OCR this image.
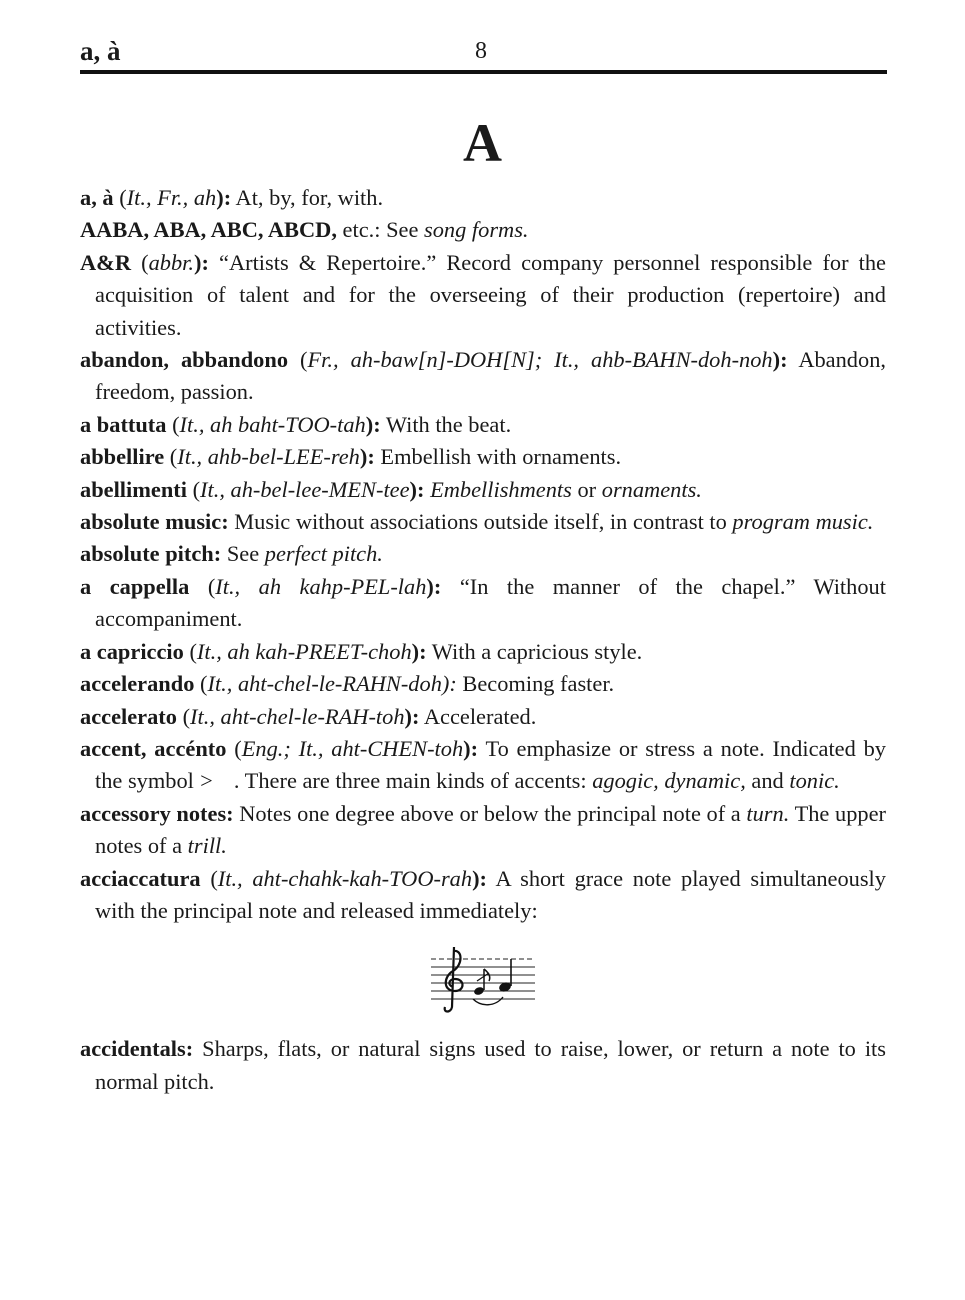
a, à	8
A

a, à (It., Fr., ah): At, by, for, with.

AABA, ABA, ABC, ABCD, etc.: See song forms.

A&R (abbr.): “Artists & Repertoire.” Record company personnel responsible for the acquisition of talent and for the overseeing of their production (repertoire) and activities.

abandon, abbandono (Fr., ah-baw[n]-DOH[N]; It., ahb-BAHN-doh-noh): Abandon, freedom, passion.

a battuta (It., ah baht-TOO-tah): With the beat.

abbellire (It., ahb-bel-LEE-reh): Embellish with ornaments.

abellimenti (It., ah-bel-lee-MEN-tee): Embellishments or ornaments.

absolute music: Music without associations outside itself, in contrast to program music.

absolute pitch: See perfect pitch.

a cappella (It., ah kahp-PEL-lah): “In the manner of the chapel.” Without accompaniment.

a capriccio (It., ah kah-PREET-choh): With a capricious style.

accelerando (It., aht-chel-le-RAHN-doh): Becoming faster.

accelerato (It., aht-chel-le-RAH-toh): Accelerated.

accent, accénto (Eng.; It., aht-CHEN-toh): To emphasize or stress a note. Indicated by the symbol > . There are three main kinds of accents: agogic, dynamic, and tonic.

accessory notes: Notes one degree above or below the principal note of a turn. The upper notes of a trill.

acciaccatura (It., aht-chahk-kah-TOO-rah): A short grace note played simultaneously with the principal note and released immediately:

accidentals: Sharps, flats, or natural signs used to raise, lower, or return a note to its normal pitch.
